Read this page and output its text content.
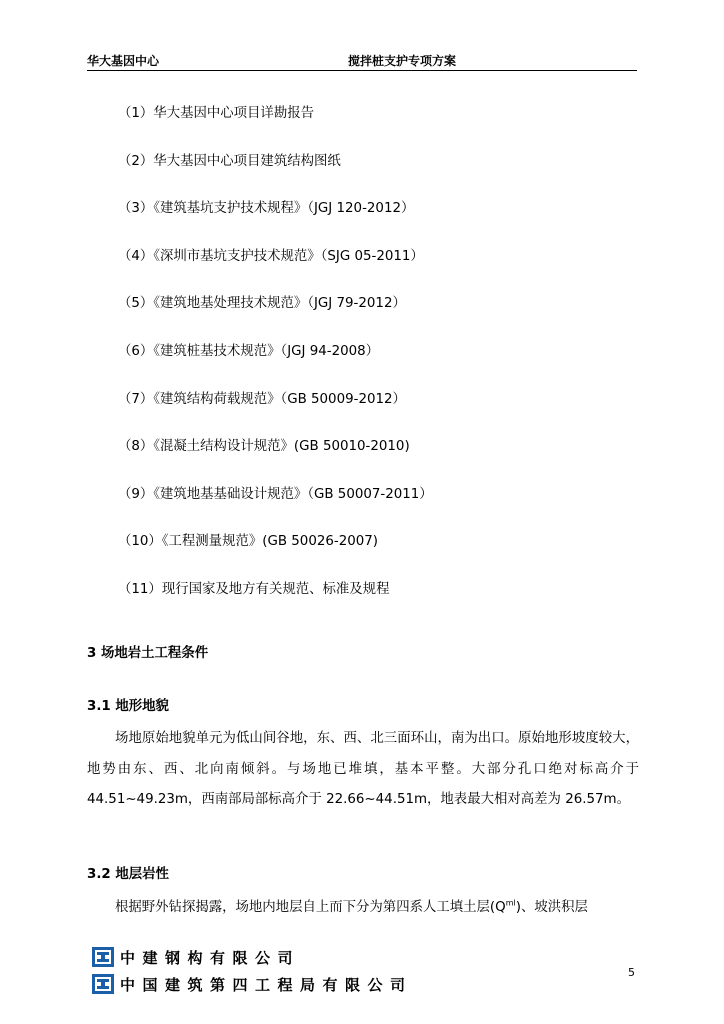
华大基因中心	搅拌桩支护专项方案
（1）华大基因中心项目详勘报告
（2）华大基因中心项目建筑结构图纸
（3）《建筑基坑支护技术规程》（JGJ 120-2012）
（4）《深圳市基坑支护技术规范》（SJG 05-2011）
（5）《建筑地基处理技术规范》（JGJ 79-2012）
（6）《建筑桩基技术规范》（JGJ 94-2008）
（7）《建筑结构荷载规范》（GB 50009-2012）
（8）《混凝土结构设计规范》(GB 50010-2010)
（9）《建筑地基基础设计规范》（GB 50007-2011）
（10）《工程测量规范》(GB 50026-2007)
（11）现行国家及地方有关规范、标准及规程
3 场地岩土工程条件
3.1 地形地貌
场地原始地貌单元为低山间谷地，东、西、北三面环山，南为出口。原始地形坡度较大，地势由东、西、北向南倾斜。与场地已堆填，基本平整。大部分孔口绝对标高介于 44.51~49.23m，西南部局部标高介于 22.66~44.51m，地表最大相对高差为 26.57m。
3.2 地层岩性
根据野外钻探揭露，场地内地层自上而下分为第四系人工填土层$(Q^{ml})$、坡洪积层
中建钢构有限公司
中国建筑第四工程局有限公司
5
